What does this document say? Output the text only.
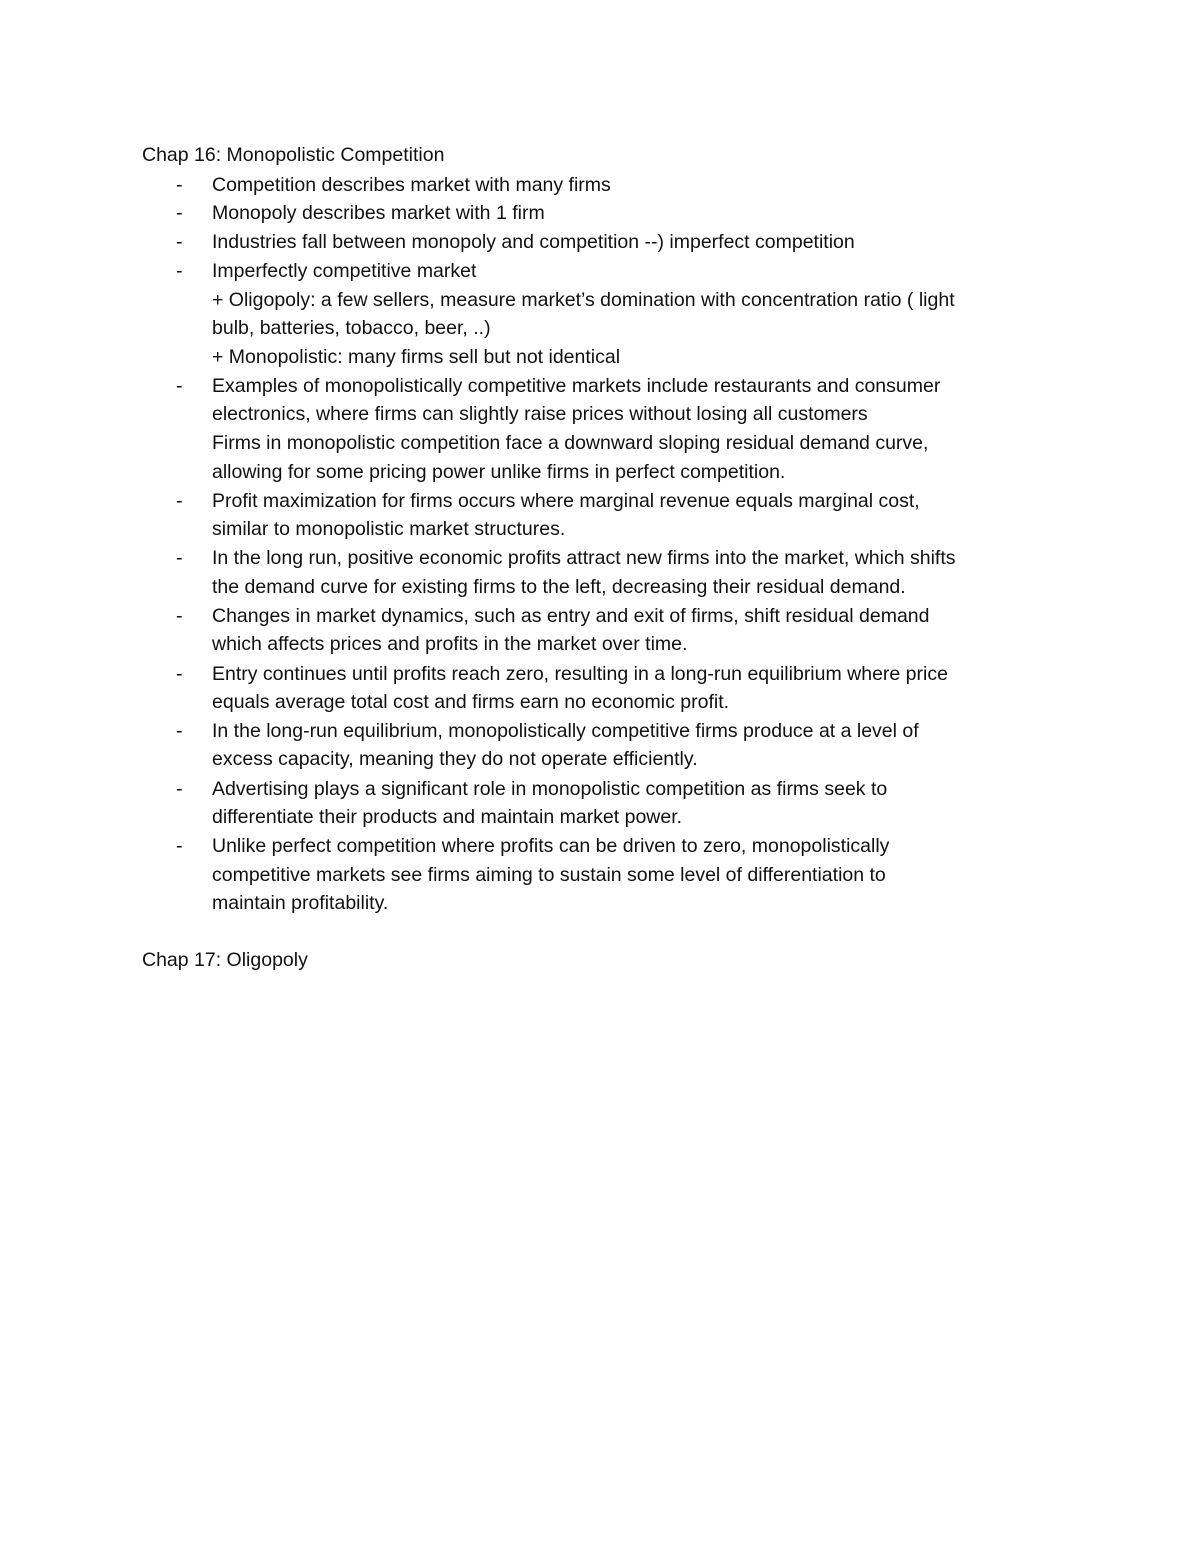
Chap 16: Monopolistic Competition
-
-
-
-
-
-
-
-
-
-
-
-
Competition describes market with many firms
Monopoly describes market with 1 firm
Industries fall between monopoly and competition --) imperfect competition
Imperfectly competitive market
+ Oligopoly: a few sellers, measure market’s domination with concentration ratio ( light
bulb, batteries, tobacco, beer, ..)
+ Monopolistic: many firms sell but not identical
Examples of monopolistically competitive markets include restaurants and consumer
electronics, where firms can slightly raise prices without losing all customers
Firms in monopolistic competition face a downward sloping residual demand curve,
allowing for some pricing power unlike firms in perfect competition.
Profit maximization for firms occurs where marginal revenue equals marginal cost,
similar to monopolistic market structures.
In the long run, positive economic profits attract new firms into the market, which shifts
the demand curve for existing firms to the left, decreasing their residual demand.
Changes in market dynamics, such as entry and exit of firms, shift residual demand
which affects prices and profits in the market over time.
Entry continues until profits reach zero, resulting in a long-run equilibrium where price
equals average total cost and firms earn no economic profit.
In the long-run equilibrium, monopolistically competitive firms produce at a level of
excess capacity, meaning they do not operate efficiently.
Advertising plays a significant role in monopolistic competition as firms seek to
differentiate their products and maintain market power.
Unlike perfect competition where profits can be driven to zero, monopolistically
competitive markets see firms aiming to sustain some level of differentiation to
maintain profitability.
Chap 17: Oligopoly
